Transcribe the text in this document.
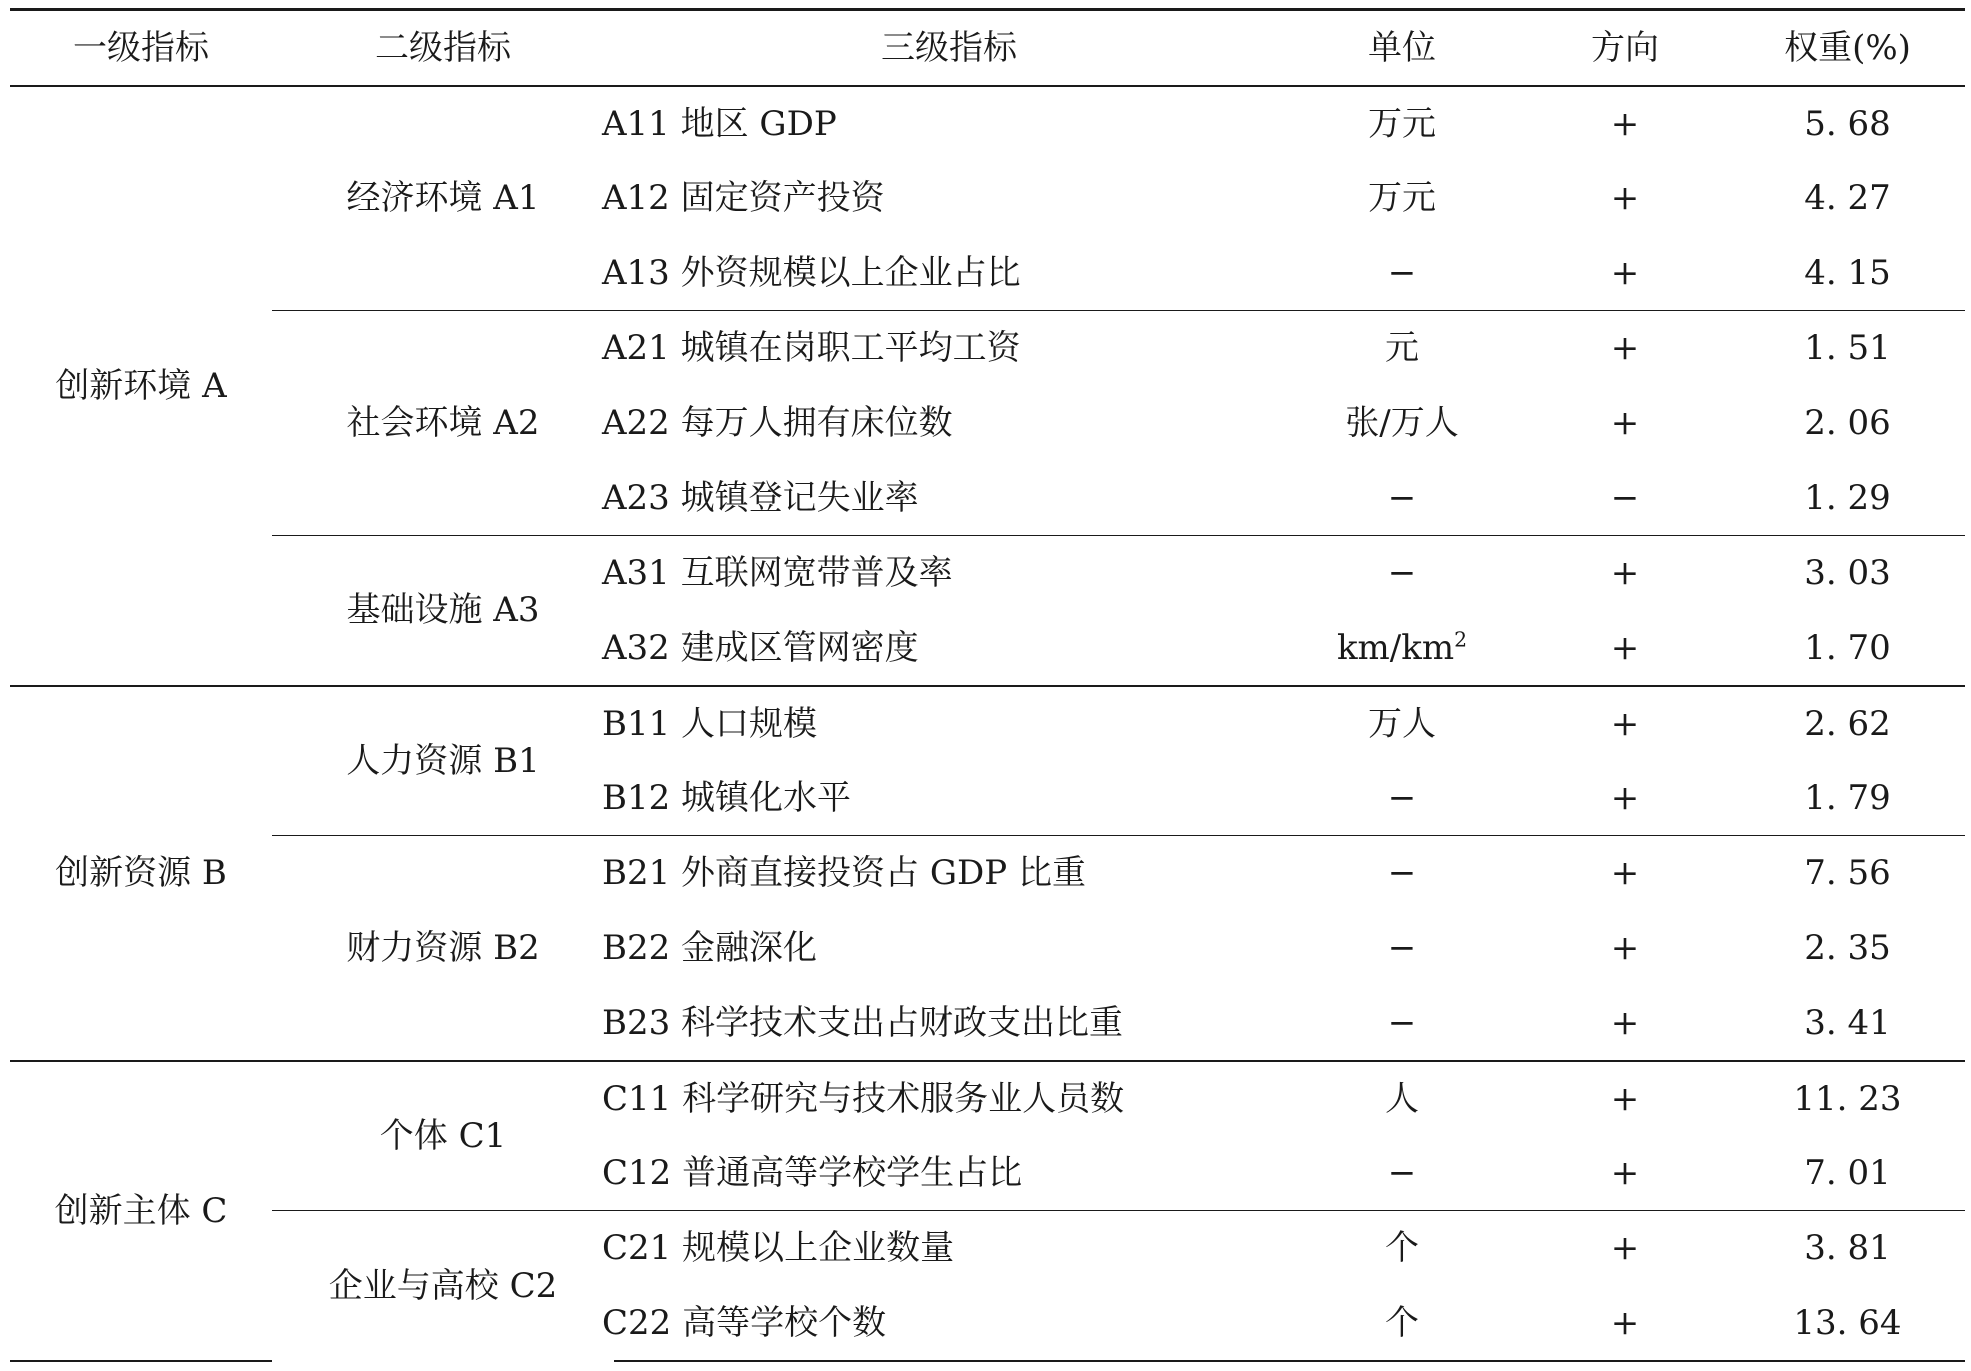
一级指标	二级指标	三级指标	单位	方向	权重(%)
创新环境 A	经济环境 A1	A11 地区 GDP	万元	+	5. 68
		A12 固定资产投资	万元	+	4. 27
		A13 外资规模以上企业占比	−	+	4. 15
	社会环境 A2	A21 城镇在岗职工平均工资	元	+	1. 51
		A22 每万人拥有床位数	张/万人	+	2. 06
		A23 城镇登记失业率	−	−	1. 29
	基础设施 A3	A31 互联网宽带普及率	−	+	3. 03
		A32 建成区管网密度	$km/km^2$	+	1. 70
创新资源 B	人力资源 B1	B11 人口规模	万人	+	2. 62
		B12 城镇化水平	−	+	1. 79
	财力资源 B2	B21 外商直接投资占 GDP 比重	−	+	7. 56
		B22 金融深化	−	+	2. 35
		B23 科学技术支出占财政支出比重	−	+	3. 41
创新主体 C	个体 C1	C11 科学研究与技术服务业人员数	人	+	11. 23
		C12 普通高等学校学生占比	−	+	7. 01
	企业与高校 C2	C21 规模以上企业数量	个	+	3. 81
		C22 高等学校个数	个	+	13. 64
